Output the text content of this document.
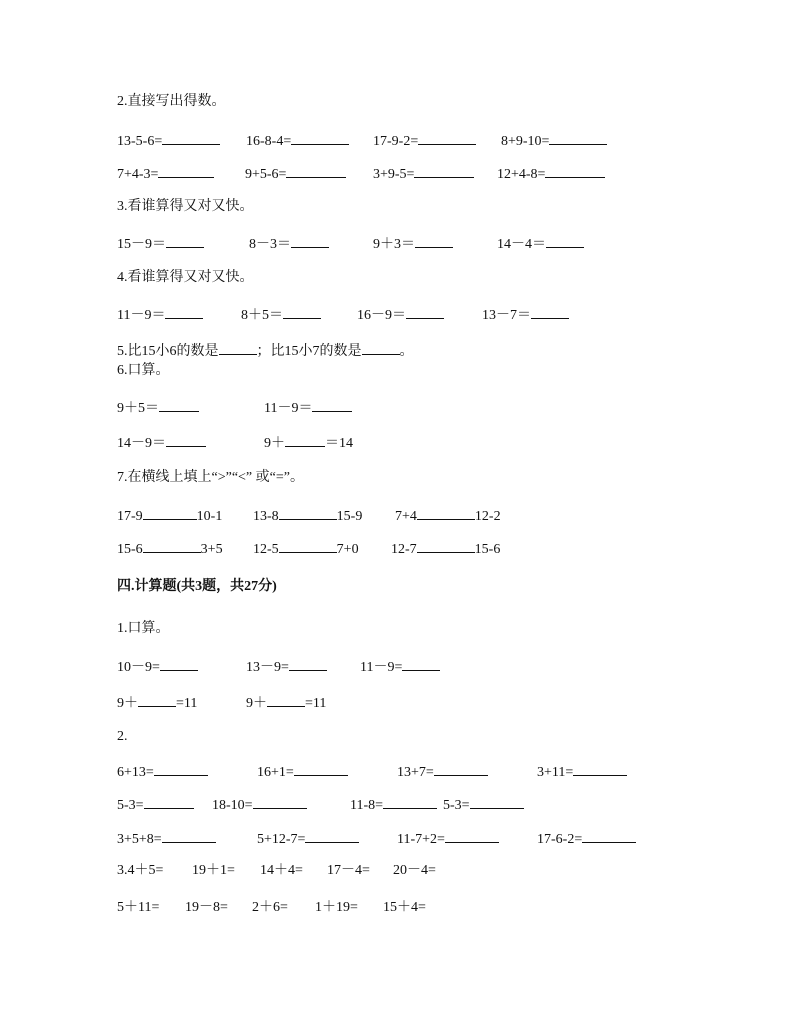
2.直接写出得数。
13-5-6=	16-8-4=	17-9-2=	8+9-10=
7+4-3=	9+5-6=	3+9-5=	12+4-8=
3.看谁算得又对又快。
15－9＝	8－3＝	9＋3＝	14－4＝
4.看谁算得又对又快。
11－9＝	8＋5＝	16－9＝	13－7＝
5.比15小6的数是	；比15小7的数是	。
6.口算。
9＋5＝	11－9＝
14－9＝	9＋	＝14
7.在横线上填上“>”“<” 或“=”。
17-9	10-1 13-8	15-9 7+4	12-2
15-6	3+5 12-5	7+0 12-7	15-6
四.计算题(共3题，共27分)
1.口算。
10－9=	13－9=	11－9=
9＋	=11	9＋	=11
2.
6+13=	16+1=	13+7=	3+11=
5-3=	18-10=	11-8=	5-3=
3+5+8=	5+12-7=	11-7+2=	17-6-2=
3.4＋5= 19＋1= 14＋4= 17－4= 20－4=
5＋11= 19－8= 2＋6= 1＋19= 15＋4=
